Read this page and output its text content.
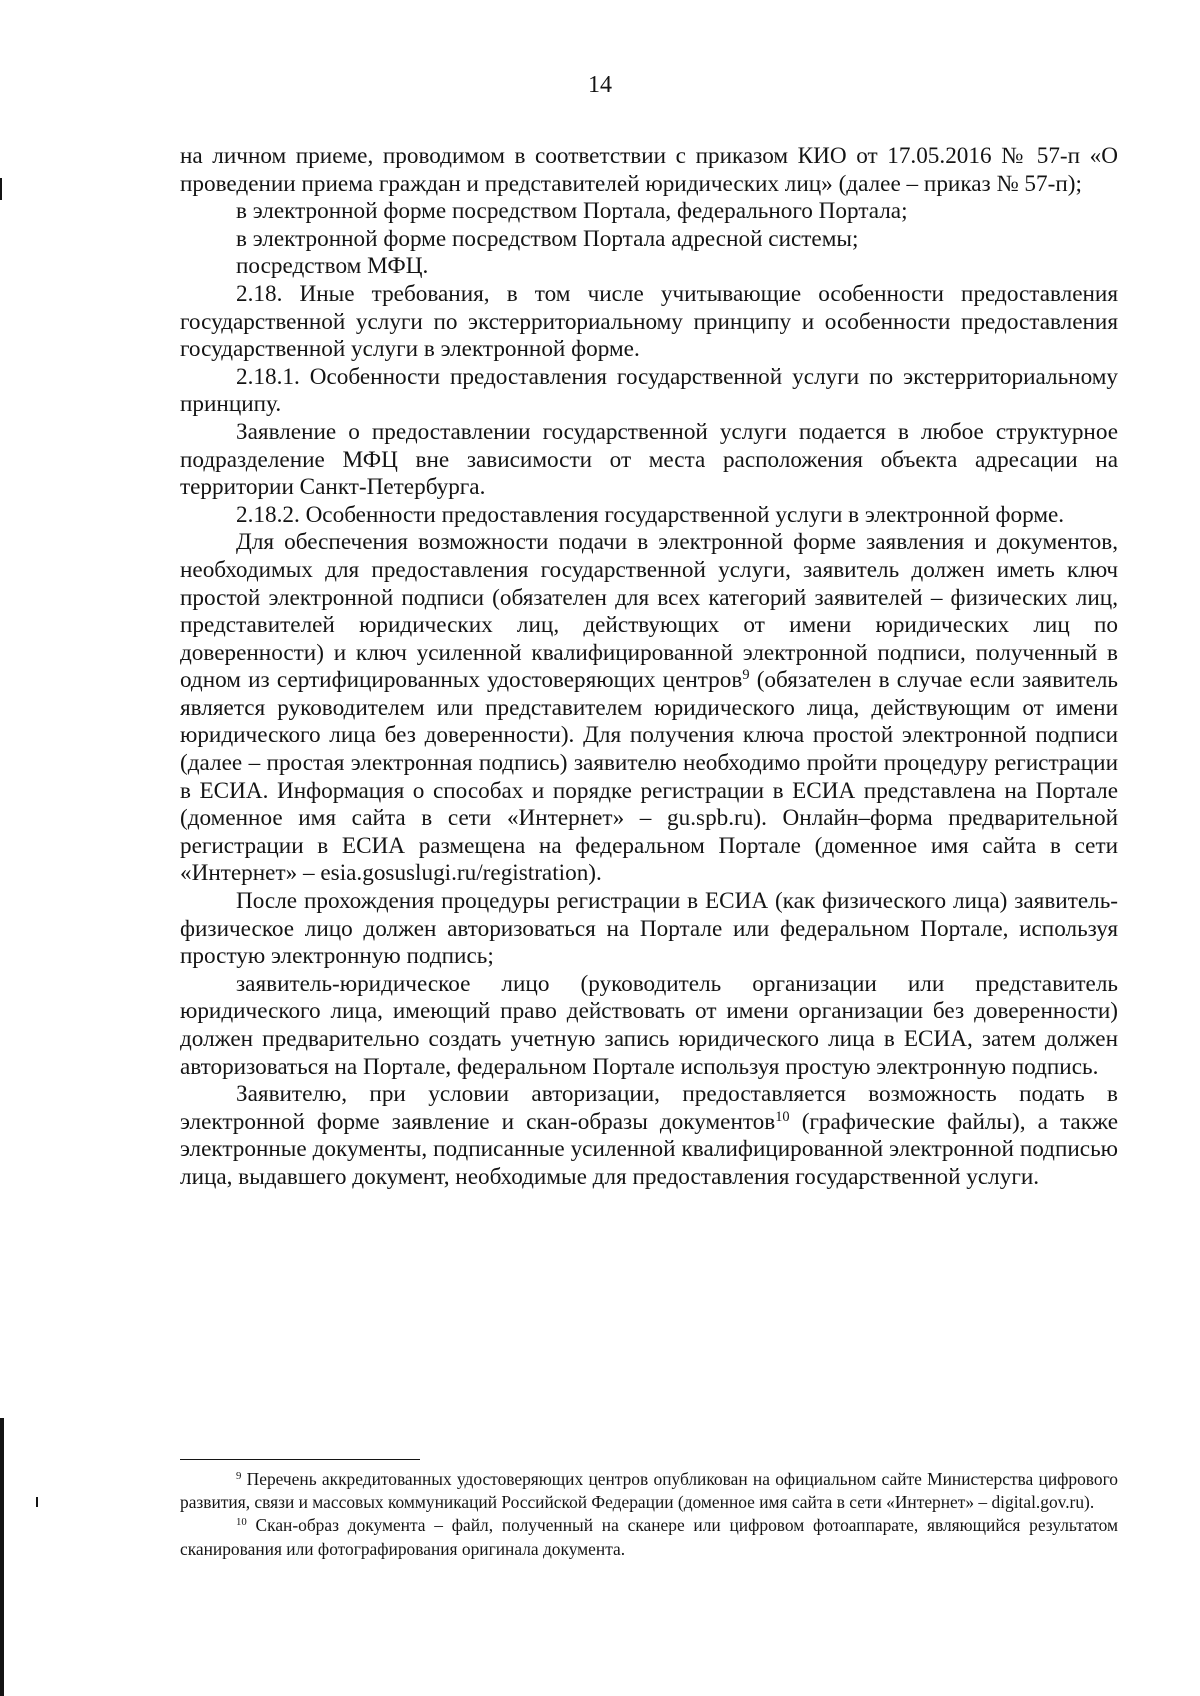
14

на личном приеме, проводимом в соответствии с приказом КИО от 17.05.2016 № 57-п «О проведении приема граждан и представителей юридических лиц» (далее – приказ № 57-п);

в электронной форме посредством Портала, федерального Портала;

в электронной форме посредством Портала адресной системы;

посредством МФЦ.

2.18. Иные требования, в том числе учитывающие особенности предоставления государственной услуги по экстерриториальному принципу и особенности предоставления государственной услуги в электронной форме.

2.18.1. Особенности предоставления государственной услуги по экстерриториальному принципу.

Заявление о предоставлении государственной услуги подается в любое структурное подразделение МФЦ вне зависимости от места расположения объекта адресации на территории Санкт-Петербурга.

2.18.2. Особенности предоставления государственной услуги в электронной форме.

Для обеспечения возможности подачи в электронной форме заявления и документов, необходимых для предоставления государственной услуги, заявитель должен иметь ключ простой электронной подписи (обязателен для всех категорий заявителей – физических лиц, представителей юридических лиц, действующих от имени юридических лиц по доверенности) и ключ усиленной квалифицированной электронной подписи, полученный в одном из сертифицированных удостоверяющих центров$^9$ (обязателен в случае если заявитель является руководителем или представителем юридического лица, действующим от имени юридического лица без доверенности). Для получения ключа простой электронной подписи (далее – простая электронная подпись) заявителю необходимо пройти процедуру регистрации в ЕСИА. Информация о способах и порядке регистрации в ЕСИА представлена на Портале (доменное имя сайта в сети «Интернет» – gu.spb.ru). Онлайн–форма предварительной регистрации в ЕСИА размещена на федеральном Портале (доменное имя сайта в сети «Интернет» – esia.gosuslugi.ru/registration).

После прохождения процедуры регистрации в ЕСИА (как физического лица) заявитель-физическое лицо должен авторизоваться на Портале или федеральном Портале, используя простую электронную подпись;

заявитель-юридическое лицо (руководитель организации или представитель юридического лица, имеющий право действовать от имени организации без доверенности) должен предварительно создать учетную запись юридического лица в ЕСИА, затем должен авторизоваться на Портале, федеральном Портале используя простую электронную подпись.

Заявителю, при условии авторизации, предоставляется возможность подать в электронной форме заявление и скан-образы документов$^{10}$ (графические файлы), а также электронные документы, подписанные усиленной квалифицированной электронной подписью лица, выдавшего документ, необходимые для предоставления государственной услуги.

$^9$ Перечень аккредитованных удостоверяющих центров опубликован на официальном сайте Министерства цифрового развития, связи и массовых коммуникаций Российской Федерации (доменное имя сайта в сети «Интернет» – digital.gov.ru).

$^{10}$ Скан-образ документа – файл, полученный на сканере или цифровом фотоаппарате, являющийся результатом сканирования или фотографирования оригинала документа.
